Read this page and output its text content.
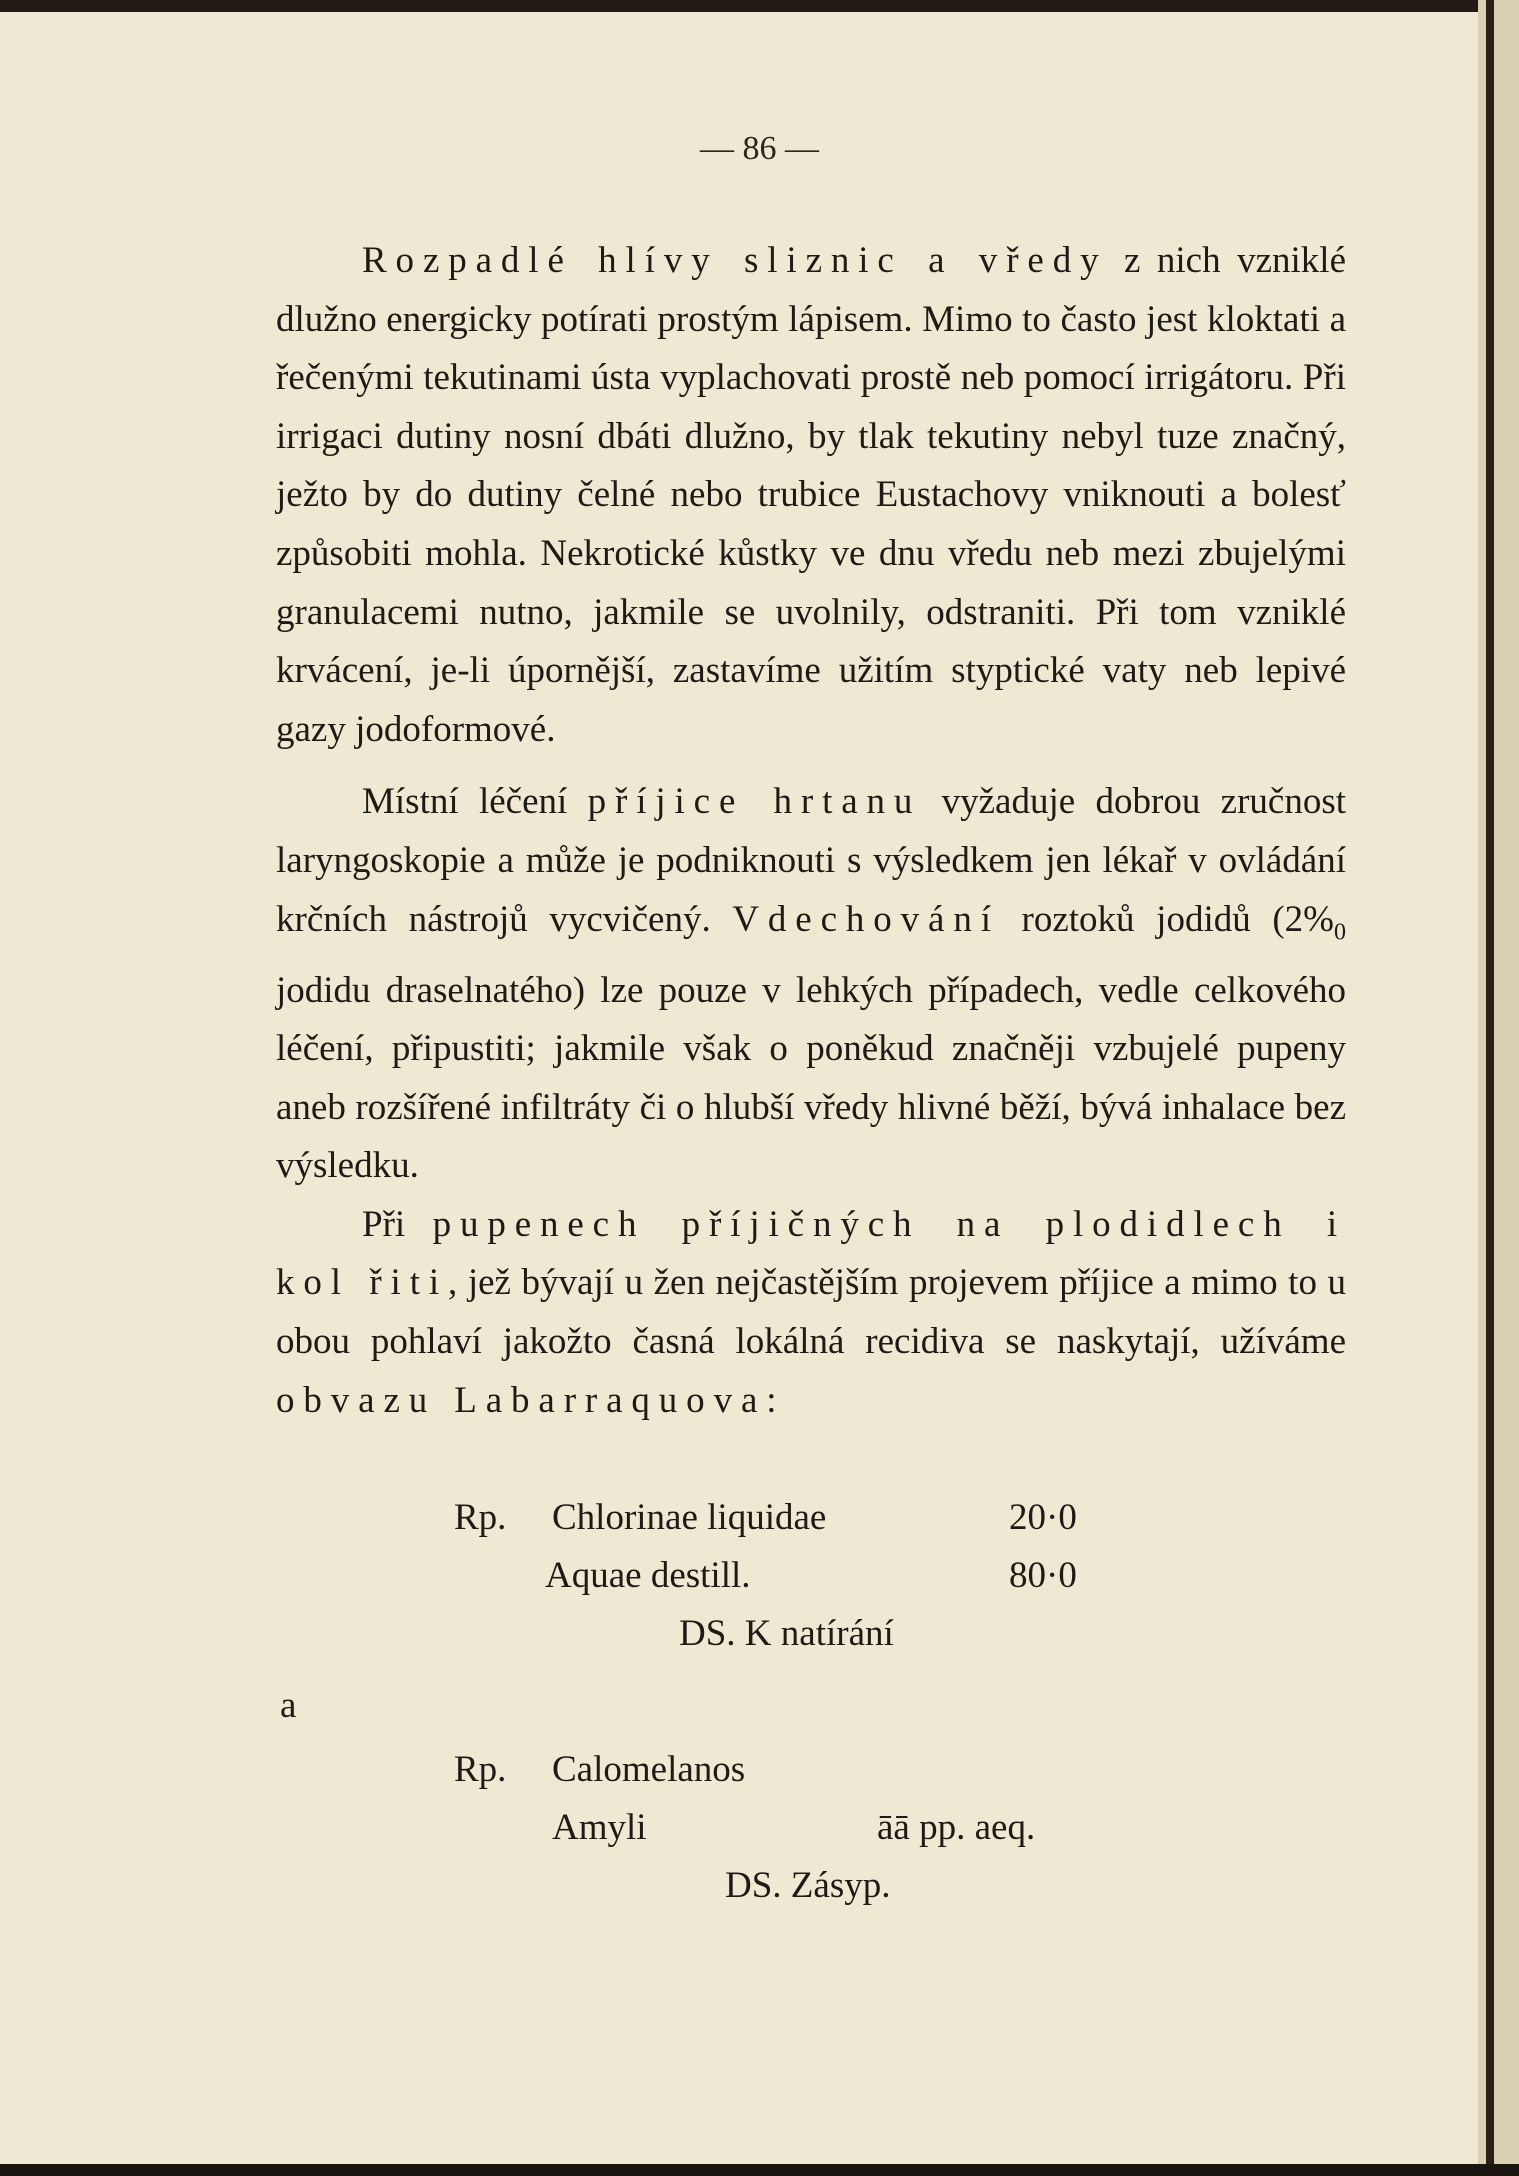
— 86 —

Rozpadlé hlívy sliznic a vředy z nich vzniklé dlužno energicky potírati prostým lápisem. Mimo to často jest kloktati a řečenými tekutinami ústa vyplachovati prostě neb pomocí irrigátoru. Při irrigaci dutiny nosní dbáti dlužno, by tlak tekutiny nebyl tuze značný, ježto by do dutiny čelné nebo trubice Eustachovy vniknouti a bolesť způsobiti mohla. Nekrotické kůstky ve dnu vředu neb mezi zbujelými granulacemi nutno, jakmile se uvolnily, odstraniti. Při tom vzniklé krvácení, je-li úpornější, zastavíme užitím styptické vaty neb lepivé gazy jodoformové.

Místní léčení příjice hrtanu vyžaduje dobrou zručnost laryngoskopie a může je podniknouti s výsledkem jen lékař v ovládání krčních nástrojů vycvičený. Vdechování roztoků jodidů ($2\%_0$ jodidu draselnatého) lze pouze v lehkých případech, vedle celkového léčení, připustiti; jakmile však o poněkud značněji vzbujelé pupeny aneb rozšířené infiltráty či o hlubší vředy hlivné běží, bývá inhalace bez výsledku.

Při pupenech příjičných na plodidlech i kol řiti, jež bývají u žen nejčastějším projevem příjice a mimo to u obou pohlaví jakožto časná lokálná recidiva se naskytají, užíváme obvazu Labarraquova:

Rp. Chlorinae liquidae	20·0
Aquae destill.	80·0
DS. K natírání
a
Rp. Calomelanos
Amyli	āā pp. aeq.
DS. Zásyp.
